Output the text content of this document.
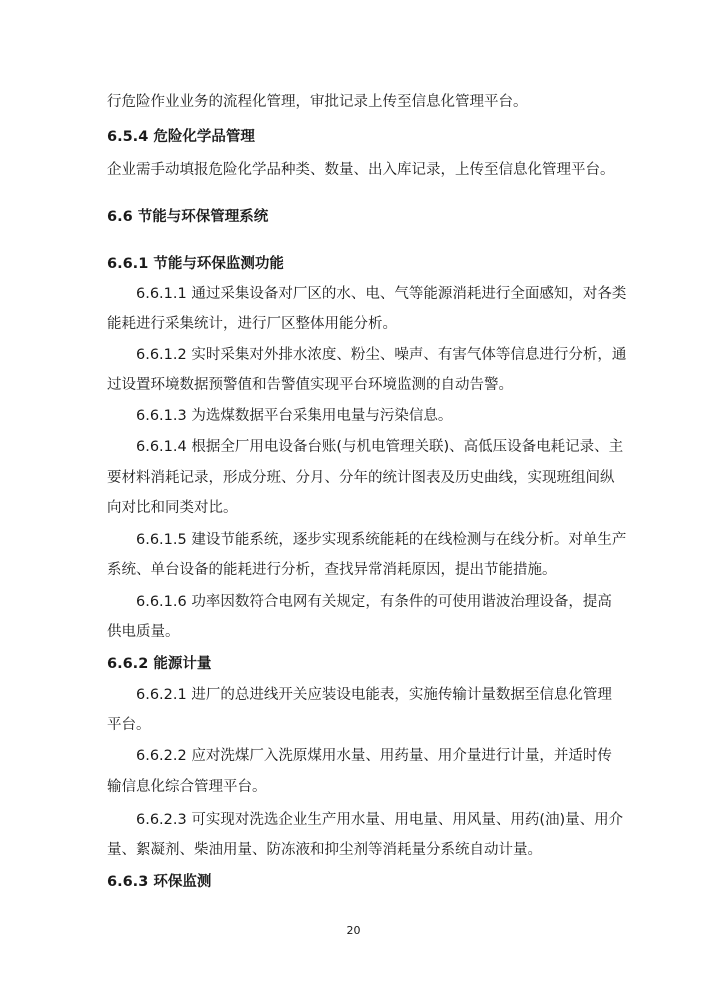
行危险作业业务的流程化管理，审批记录上传至信息化管理平台。
6.5.4 危险化学品管理
企业需手动填报危险化学品种类、数量、出入库记录，上传至信息化管理平台。
6.6 节能与环保管理系统
6.6.1 节能与环保监测功能
6.6.1.1 通过采集设备对厂区的水、电、气等能源消耗进行全面感知，对各类
能耗进行采集统计，进行厂区整体用能分析。
6.6.1.2 实时采集对外排水浓度、粉尘、噪声、有害气体等信息进行分析，通
过设置环境数据预警值和告警值实现平台环境监测的自动告警。
6.6.1.3 为选煤数据平台采集用电量与污染信息。
6.6.1.4 根据全厂用电设备台账(与机电管理关联)、高低压设备电耗记录、主
要材料消耗记录，形成分班、分月、分年的统计图表及历史曲线，实现班组间纵
向对比和同类对比。
6.6.1.5 建设节能系统，逐步实现系统能耗的在线检测与在线分析。对单生产
系统、单台设备的能耗进行分析，查找异常消耗原因，提出节能措施。
6.6.1.6 功率因数符合电网有关规定，有条件的可使用谐波治理设备，提高
供电质量。
6.6.2 能源计量
6.6.2.1 进厂的总进线开关应装设电能表，实施传输计量数据至信息化管理
平台。
6.6.2.2 应对洗煤厂入洗原煤用水量、用药量、用介量进行计量，并适时传
输信息化综合管理平台。
6.6.2.3 可实现对洗选企业生产用水量、用电量、用风量、用药(油)量、用介
量、絮凝剂、柴油用量、防冻液和抑尘剂等消耗量分系统自动计量。
6.6.3 环保监测
20
